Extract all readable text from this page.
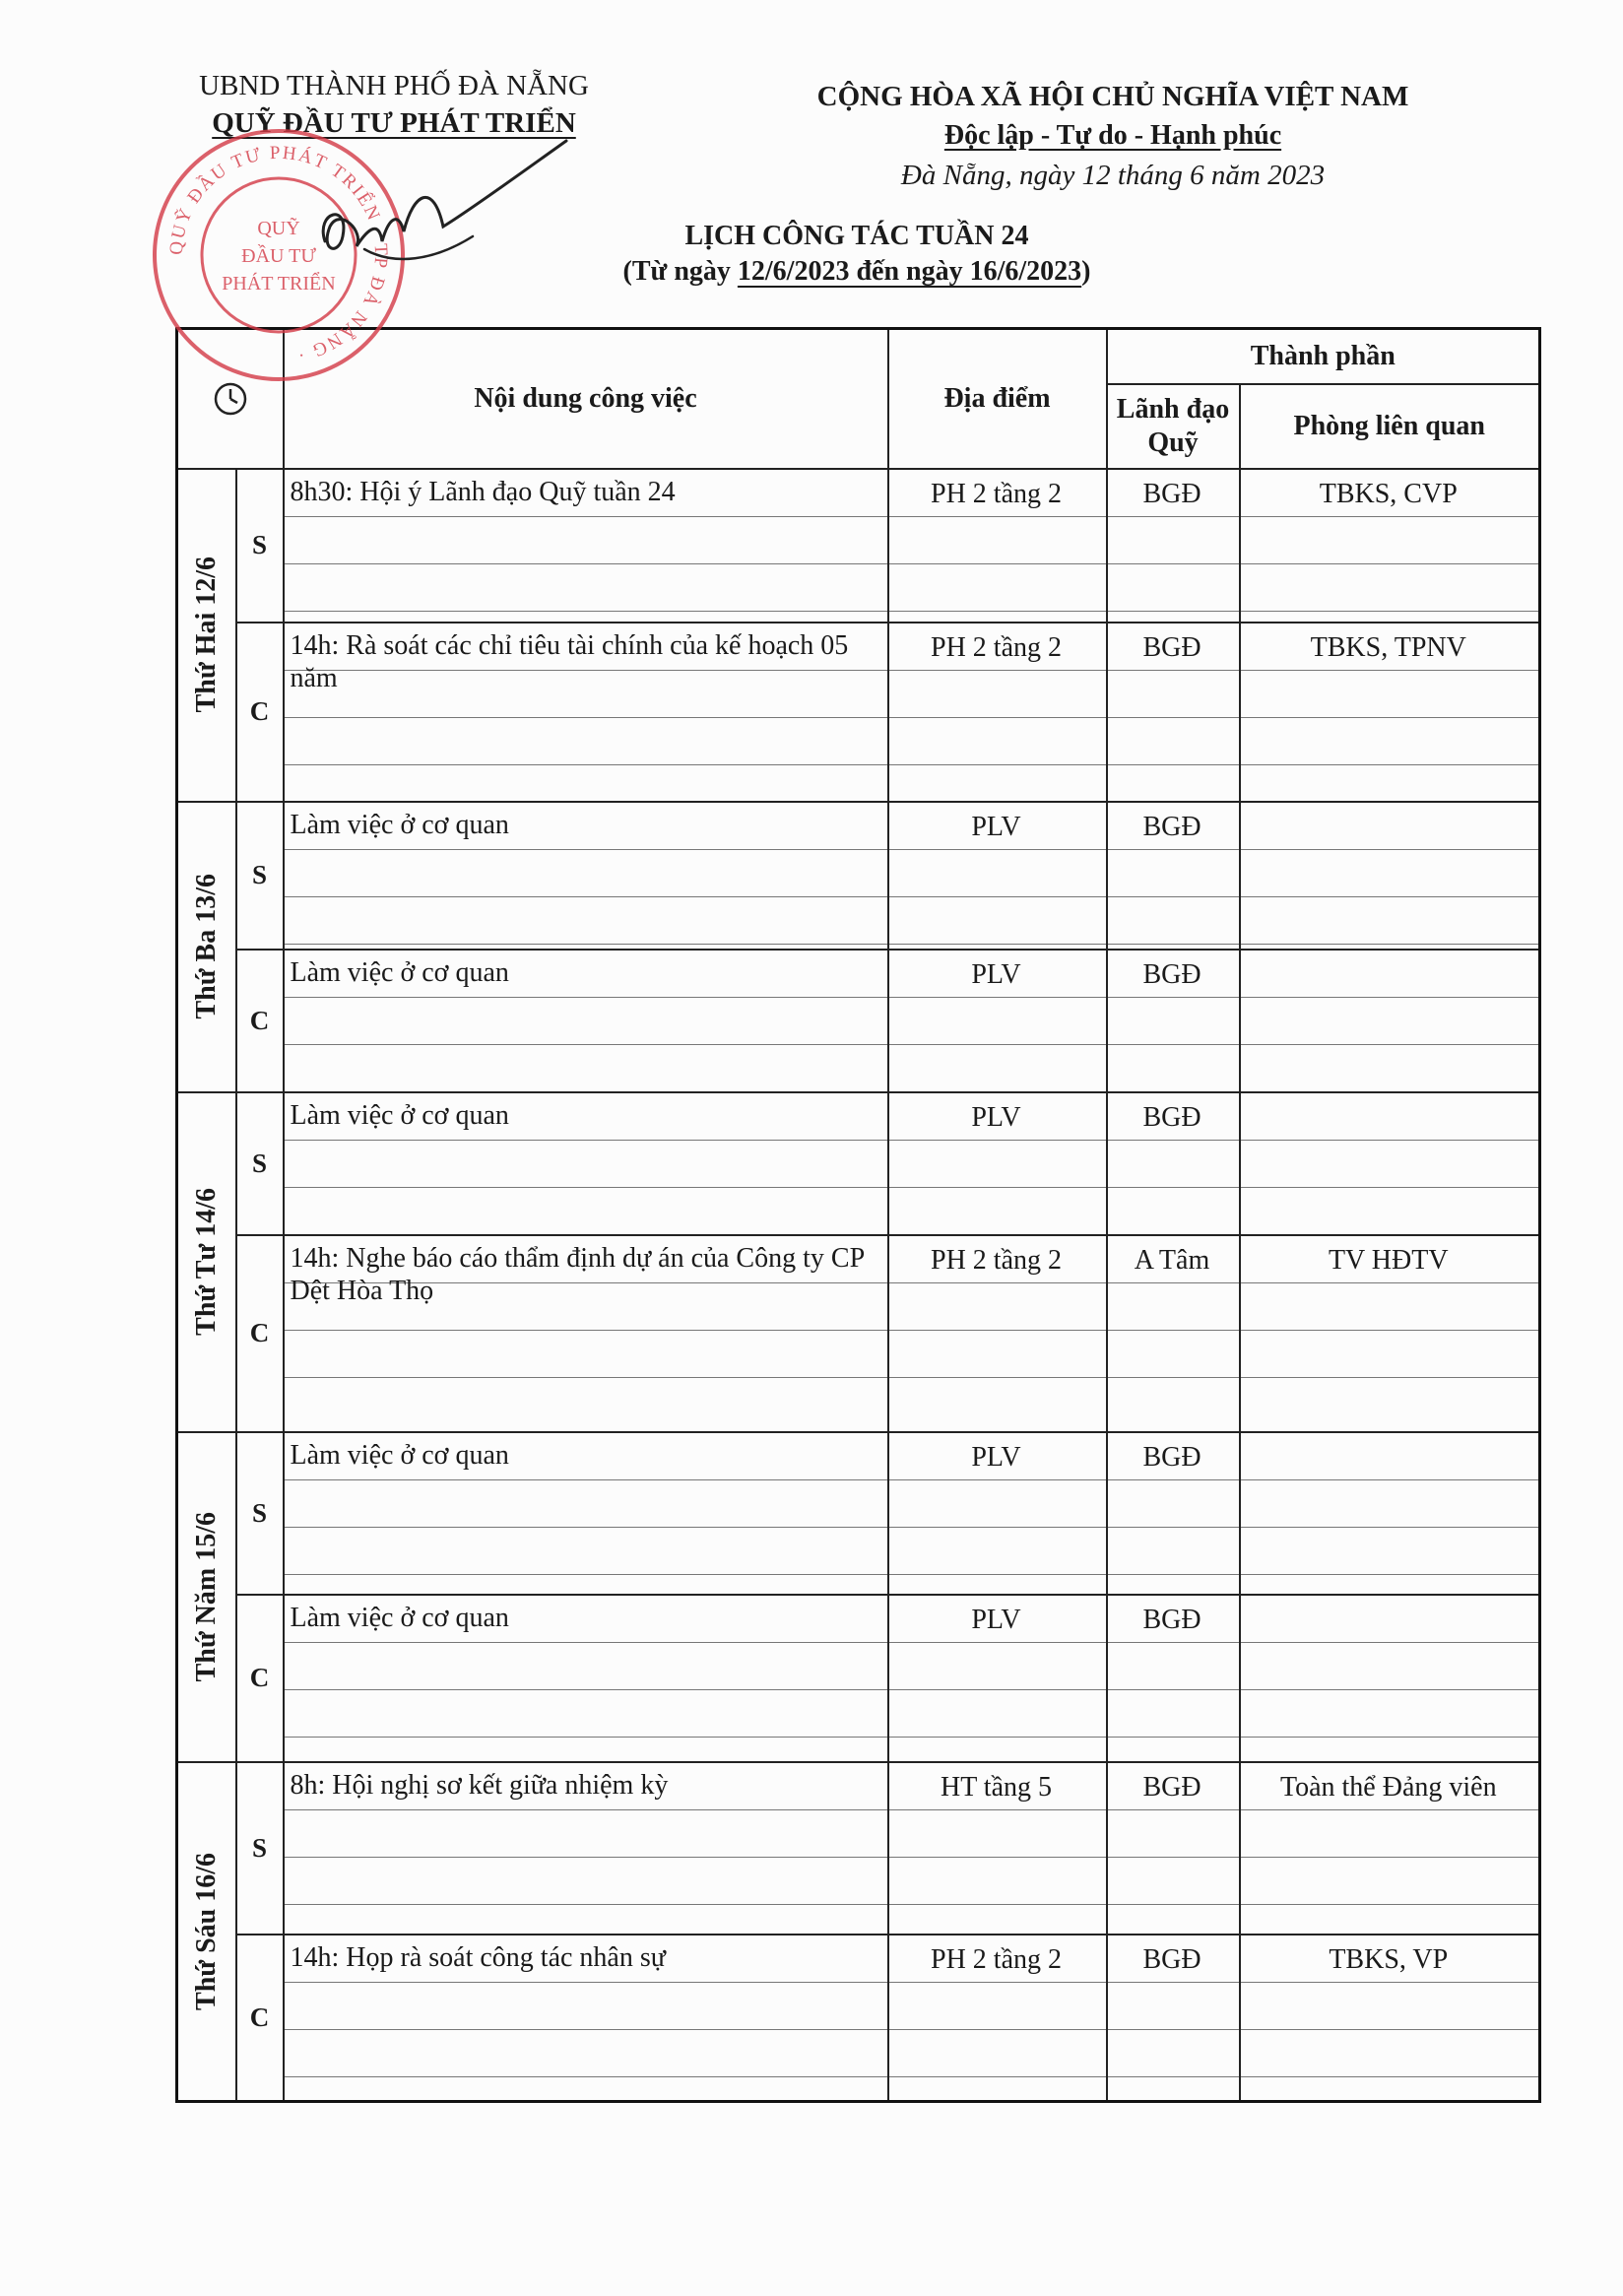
UBND THÀNH PHỐ ĐÀ NẴNG
QUỸ ĐẦU TƯ PHÁT TRIỂN
CỘNG HÒA XÃ HỘI CHỦ NGHĨA VIỆT NAM
Độc lập - Tự do - Hạnh phúc
Đà Nẵng, ngày 12 tháng 6 năm 2023
LỊCH CÔNG TÁC TUẦN 24
(Từ ngày 12/6/2023 đến ngày 16/6/2023)
	Nội dung công việc	Địa điểm	Thành phần	
				Lãnh đạo Quỹ	Phòng liên quan

Thứ Hai 12/6	S	8h30: Hội ý Lãnh đạo Quỹ tuần 24	PH 2 tầng 2	BGĐ	TBKS, CVP

	C	14h: Rà soát các chỉ tiêu tài chính của kế hoạch 05 năm	PH 2 tầng 2	BGĐ	TBKS, TPNV

Thứ Ba 13/6	S	Làm việc ở cơ quan	PLV	BGĐ	

	C	Làm việc ở cơ quan	PLV	BGĐ	

Thứ Tư 14/6	S	Làm việc ở cơ quan	PLV	BGĐ	

	C	14h: Nghe báo cáo thẩm định dự án của Công ty CP Dệt Hòa Thọ	PH 2 tầng 2	A Tâm	TV HĐTV

Thứ Năm 15/6	S	Làm việc ở cơ quan	PLV	BGĐ	

	C	Làm việc ở cơ quan	PLV	BGĐ	

Thứ Sáu 16/6	S	8h: Hội nghị sơ kết giữa nhiệm kỳ	HT tầng 5	BGĐ	Toàn thể Đảng viên

	C	14h: Họp rà soát công tác nhân sự	PH 2 tầng 2	BGĐ	TBKS, VP
QUỸ ĐẦU TƯ PHÁT TRIỂN · TP ĐÀ NẴNG ·
QUỸ
ĐẦU TƯ
PHÁT TRIỂN
